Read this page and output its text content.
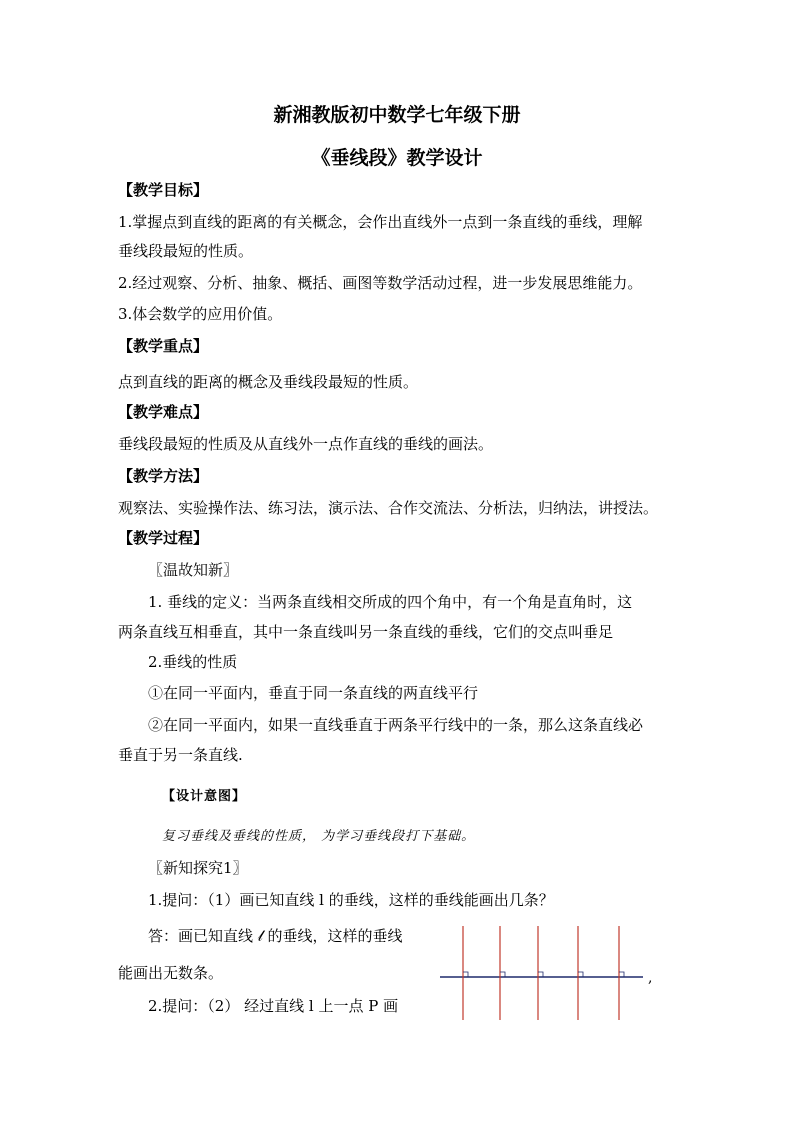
新湘教版初中数学七年级下册
《垂线段》教学设计
【教学目标】
1.掌握点到直线的距离的有关概念，会作出直线外一点到一条直线的垂线，理解
垂线段最短的性质。
2.经过观察、分析、抽象、概括、画图等数学活动过程，进一步发展思维能力。
3.体会数学的应用价值。
【教学重点】
点到直线的距离的概念及垂线段最短的性质。
【教学难点】
垂线段最短的性质及从直线外一点作直线的垂线的画法。
【教学方法】
观察法、实验操作法、练习法，演示法、合作交流法、分析法，归纳法，讲授法。
【教学过程】
〖温故知新〗
1. 垂线的定义：当两条直线相交所成的四个角中，有一个角是直角时，这
两条直线互相垂直，其中一条直线叫另一条直线的垂线，它们的交点叫垂足
2.垂线的性质
①在同一平面内，垂直于同一条直线的两直线平行
②在同一平面内，如果一直线垂直于两条平行线中的一条，那么这条直线必
垂直于另一条直线.
【设计意图】
复习垂线及垂线的性质， 为学习垂线段打下基础。
〖新知探究1〗
1.提问：（1）画已知直线 l 的垂线，这样的垂线能画出几条？
答：画已知直线 𝓁 的垂线，这样的垂线
能画出无数条。
2.提问：（2） 经过直线 l 上一点 P 画
,
